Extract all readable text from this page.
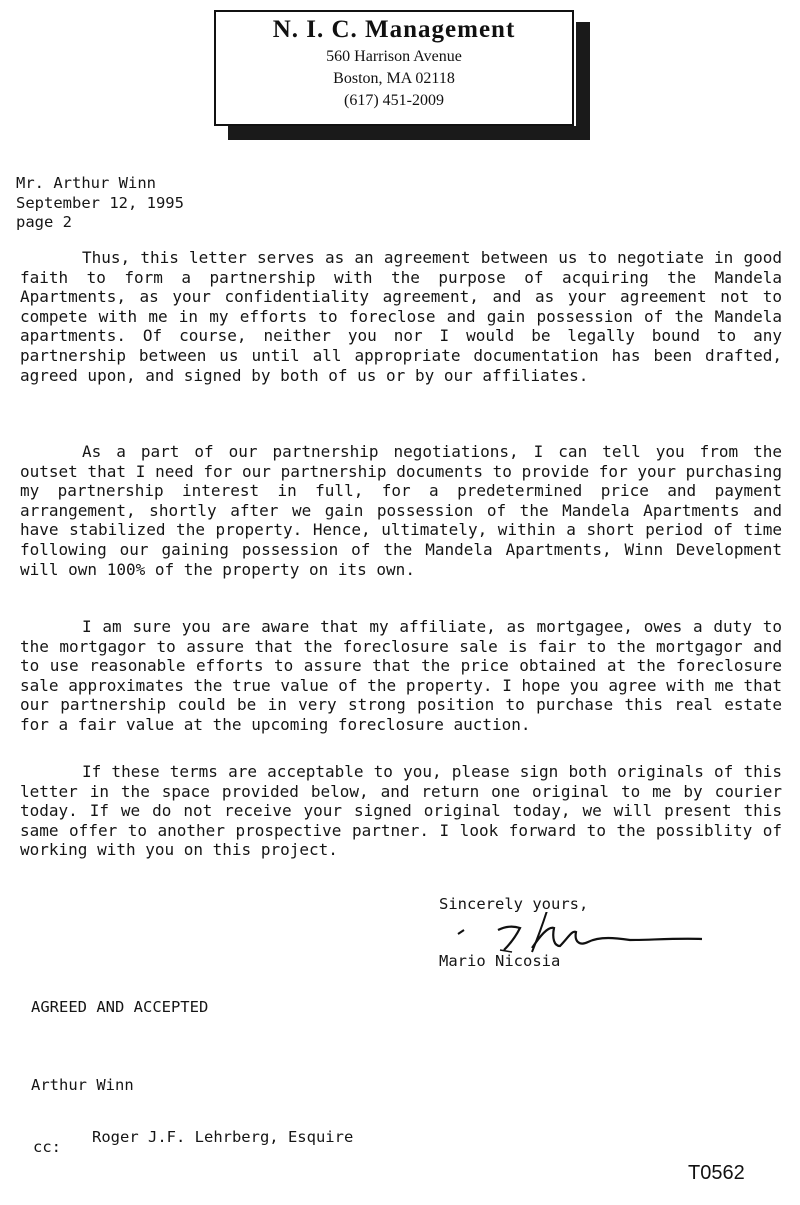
N. I. C. Management
560 Harrison Avenue
Boston, MA 02118
(617) 451-2009
Mr. Arthur Winn
September 12, 1995
page 2

Thus, this letter serves as an agreement between us to negotiate in good faith to form a partnership with the purpose of acquiring the Mandela Apartments, as your confidentiality agreement, and as your agreement not to compete with me in my efforts to foreclose and gain possession of the Mandela apartments. Of course, neither you nor I would be legally bound to any partnership between us until all appropriate documentation has been drafted, agreed upon, and signed by both of us or by our affiliates.

As a part of our partnership negotiations, I can tell you from the outset that I need for our partnership documents to provide for your purchasing my partnership interest in full, for a predetermined price and payment arrangement, shortly after we gain possession of the Mandela Apartments and have stabilized the property. Hence, ultimately, within a short period of time following our gaining possession of the Mandela Apartments, Winn Development will own 100% of the property on its own.

I am sure you are aware that my affiliate, as mortgagee, owes a duty to the mortgagor to assure that the foreclosure sale is fair to the mortgagor and to use reasonable efforts to assure that the price obtained at the foreclosure sale approximates the true value of the property. I hope you agree with me that our partnership could be in very strong position to purchase this real estate for a fair value at the upcoming foreclosure auction.

If these terms are acceptable to you, please sign both originals of this letter in the space provided below, and return one original to me by courier today. If we do not receive your signed original today, we will present this same offer to another prospective partner. I look forward to the possiblity of working with you on this project.

Sincerely yours,
Mario Nicosia
AGREED AND ACCEPTED
Arthur Winn
cc:
Roger J.F. Lehrberg, Esquire
T0562
